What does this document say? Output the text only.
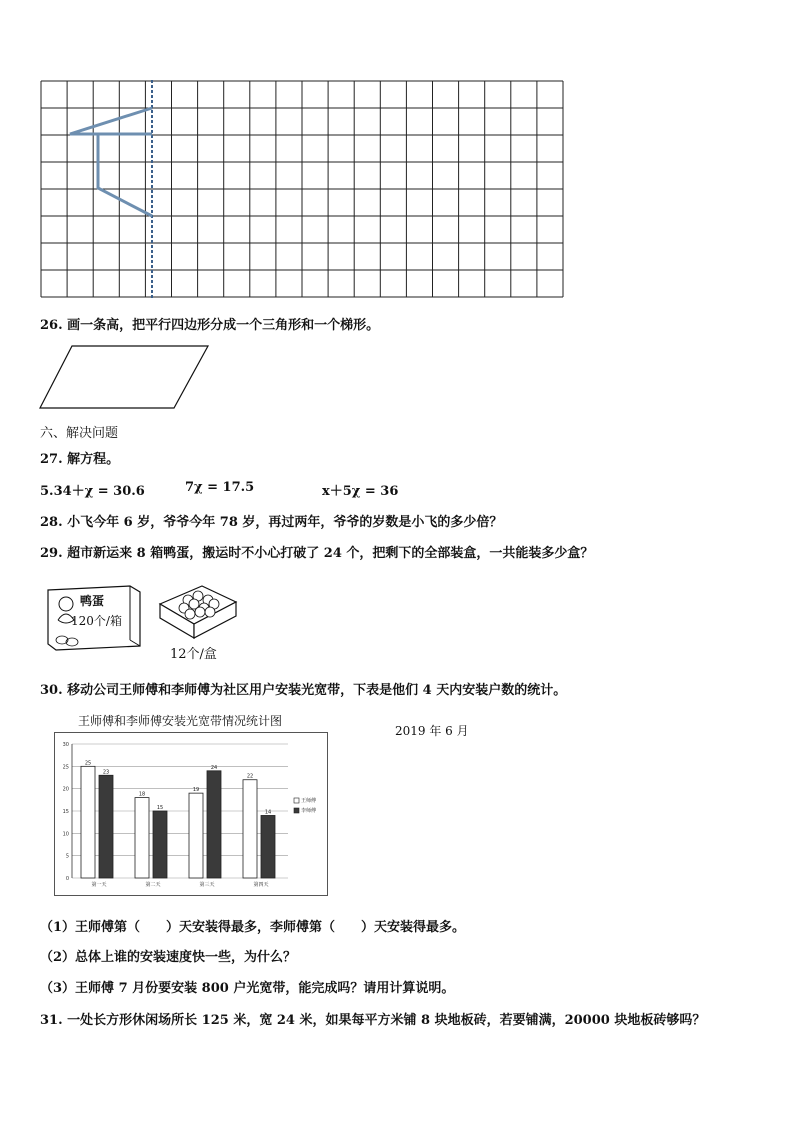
26. 画一条高，把平行四边形分成一个三角形和一个梯形。
六、解决问题
27. 解方程。
5.34＋χ = 30.6	7χ = 17.5	x＋5χ = 36
28. 小飞今年 6 岁，爷爷今年 78 岁，再过两年，爷爷的岁数是小飞的多少倍？
29. 超市新运来 8 箱鸭蛋，搬运时不小心打破了 24 个，把剩下的全部装盒，一共能装多少盒？
鸭蛋
120个/箱
12个/盒
30. 移动公司王师傅和李师傅为社区用户安装光宽带，下表是他们 4 天内安装户数的统计。
王师傅和李师傅安装光宽带情况统计图
2019 年 6 月
0
5
10
15
20
25
30
25
23
18
15
19
24
22
14
第一天	第二天	第三天	第四天
王师傅
李师傅
（1）王师傅第（　　）天安装得最多，李师傅第（　　）天安装得最多。
（2）总体上谁的安装速度快一些，为什么？
（3）王师傅 7 月份要安装 800 户光宽带，能完成吗？请用计算说明。
31. 一处长方形休闲场所长 125 米，宽 24 米，如果每平方米铺 8 块地板砖，若要铺满，20000 块地板砖够吗？
